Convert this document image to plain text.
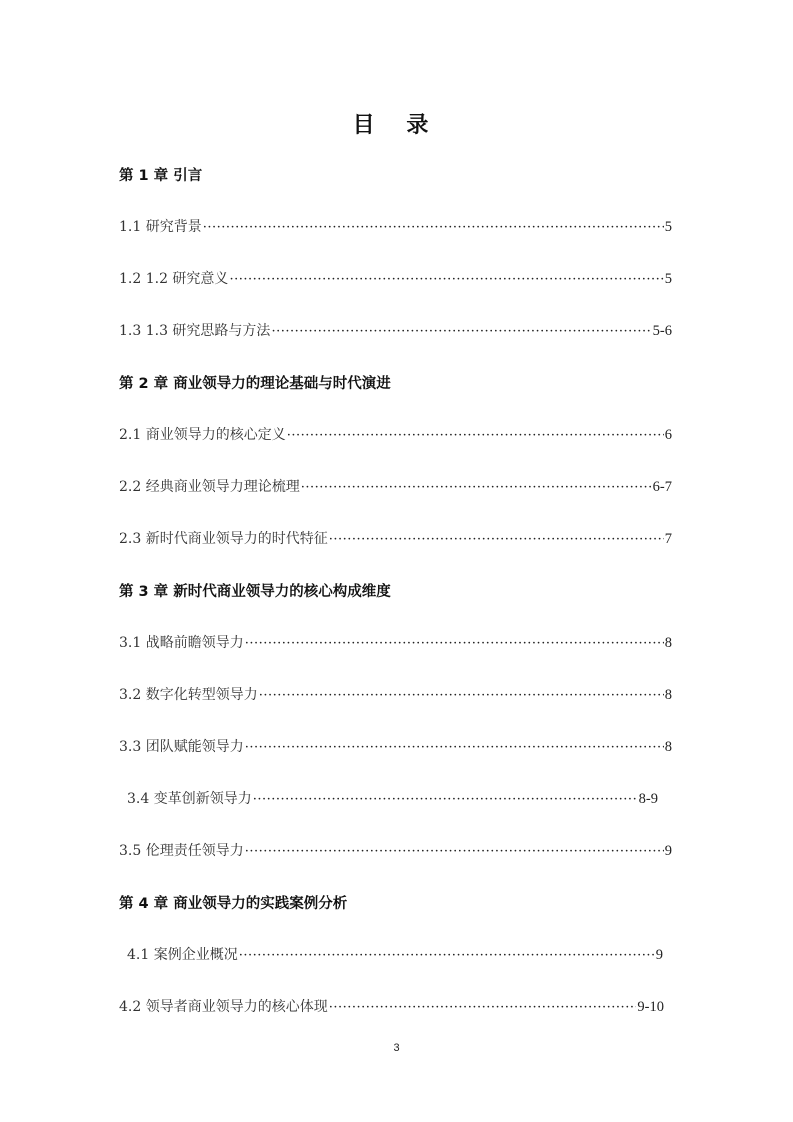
目 录
第 1 章 引言
1.1 研究背景 ·····	5
1.2 1.2 研究意义 ·····	5
1.3 1.3 研究思路与方法 ·····	5-6
第 2 章 商业领导力的理论基础与时代演进
2.1 商业领导力的核心定义 ·····	6
2.2 经典商业领导力理论梳理 ·····	6-7
2.3 新时代商业领导力的时代特征 ·····	7
第 3 章 新时代商业领导力的核心构成维度
3.1 战略前瞻领导力 ·····	8
3.2 数字化转型领导力 ·····	8
3.3 团队赋能领导力 ·····	8
3.4 变革创新领导力 ·····	8-9
3.5 伦理责任领导力 ·····	9
第 4 章 商业领导力的实践案例分析
4.1 案例企业概况 ·····	9
4.2 领导者商业领导力的核心体现 ·····	9-10
3
